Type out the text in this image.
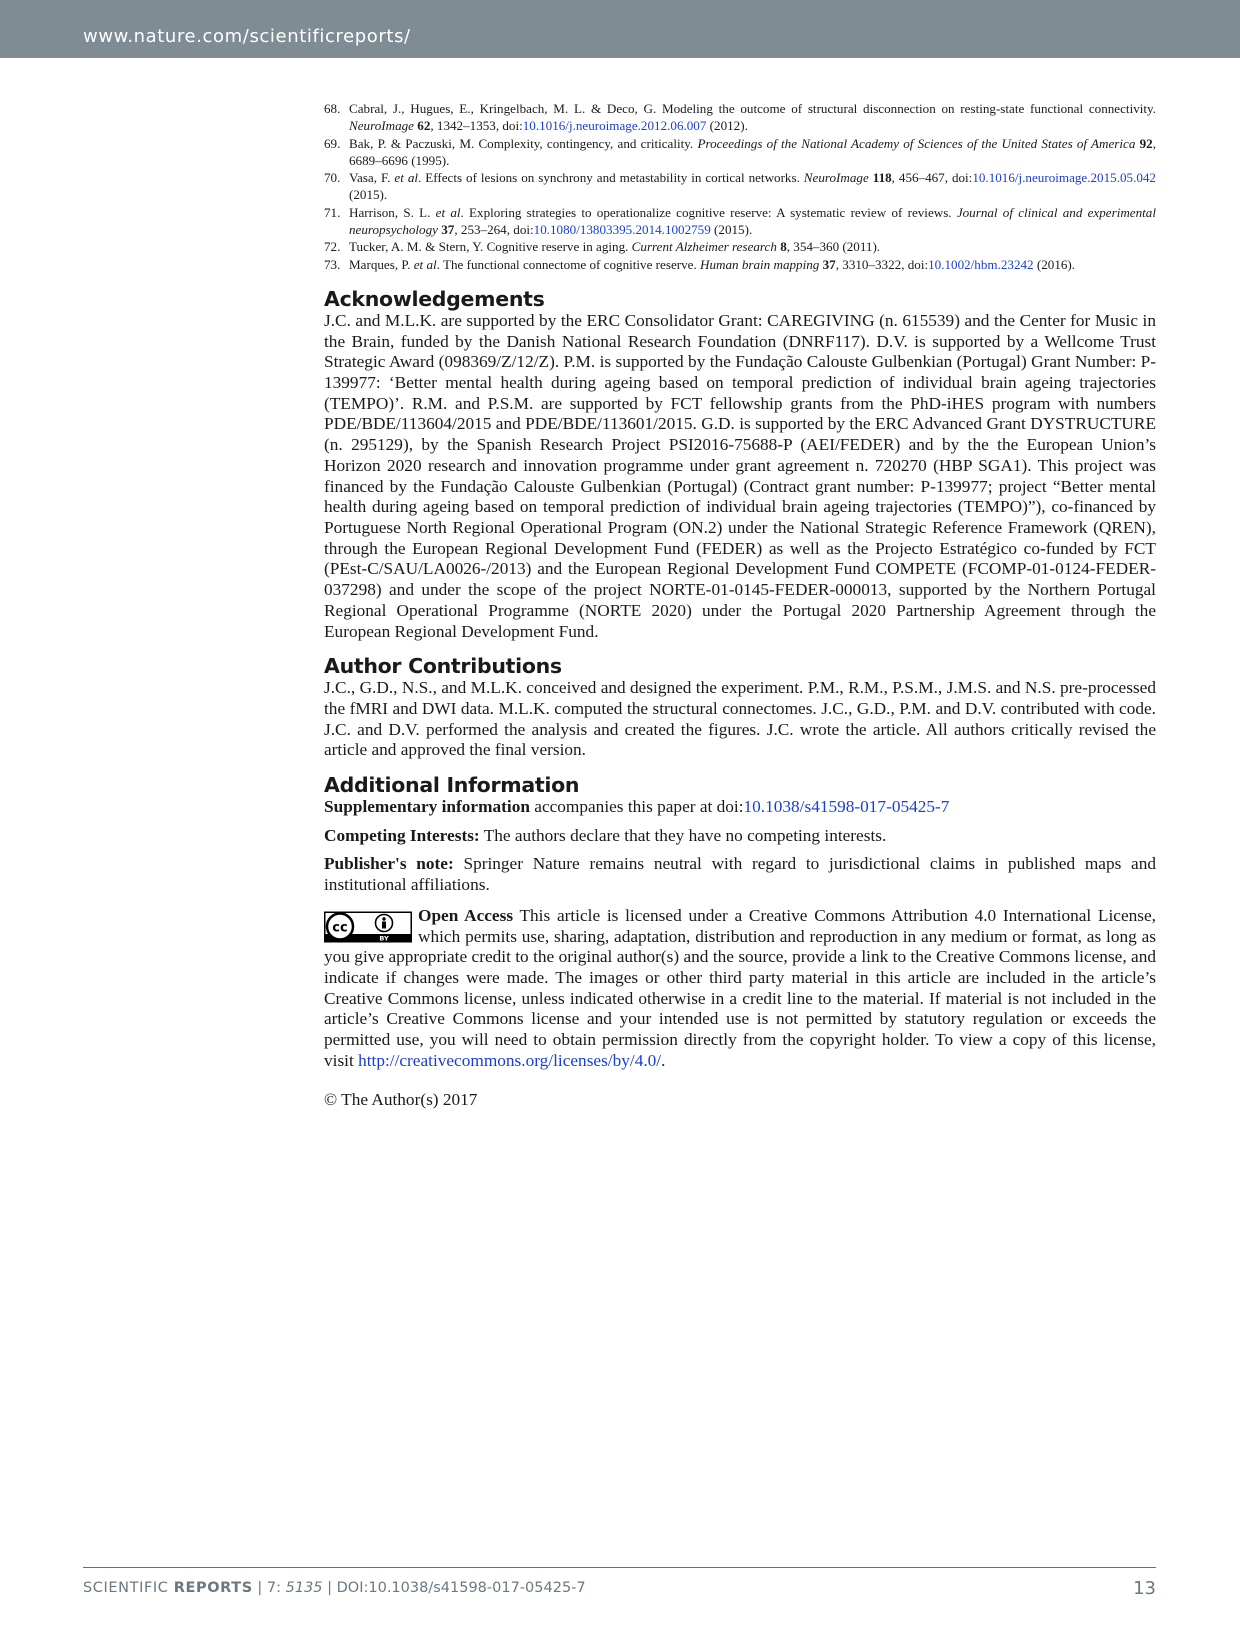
www.nature.com/scientificreports/
68. Cabral, J., Hugues, E., Kringelbach, M. L. & Deco, G. Modeling the outcome of structural disconnection on resting-state functional connectivity. NeuroImage 62, 1342–1353, doi:10.1016/j.neuroimage.2012.06.007 (2012).
69. Bak, P. & Paczuski, M. Complexity, contingency, and criticality. Proceedings of the National Academy of Sciences of the United States of America 92, 6689–6696 (1995).
70. Vasa, F. et al. Effects of lesions on synchrony and metastability in cortical networks. NeuroImage 118, 456–467, doi:10.1016/j.neuroimage.2015.05.042 (2015).
71. Harrison, S. L. et al. Exploring strategies to operationalize cognitive reserve: A systematic review of reviews. Journal of clinical and experimental neuropsychology 37, 253–264, doi:10.1080/13803395.2014.1002759 (2015).
72. Tucker, A. M. & Stern, Y. Cognitive reserve in aging. Current Alzheimer research 8, 354–360 (2011).
73. Marques, P. et al. The functional connectome of cognitive reserve. Human brain mapping 37, 3310–3322, doi:10.1002/hbm.23242 (2016).
Acknowledgements

J.C. and M.L.K. are supported by the ERC Consolidator Grant: CAREGIVING (n. 615539) and the Center for Music in the Brain, funded by the Danish National Research Foundation (DNRF117). D.V. is supported by a Wellcome Trust Strategic Award (098369/Z/12/Z). P.M. is supported by the Fundação Calouste Gulbenkian (Portugal) Grant Number: P-139977: ‘Better mental health during ageing based on temporal prediction of individual brain ageing trajectories (TEMPO)’. R.M. and P.S.M. are supported by FCT fellowship grants from the PhD-iHES program with numbers PDE/BDE/113604/2015 and PDE/BDE/113601/2015. G.D. is supported by the ERC Advanced Grant DYSTRUCTURE (n. 295129), by the Spanish Research Project PSI2016-75688-P (AEI/FEDER) and by the the European Union’s Horizon 2020 research and innovation programme under grant agreement n. 720270 (HBP SGA1). This project was financed by the Fundação Calouste Gulbenkian (Portugal) (Contract grant number: P-139977; project “Better mental health during ageing based on temporal prediction of individual brain ageing trajectories (TEMPO)”), co-financed by Portuguese North Regional Operational Program (ON.2) under the National Strategic Reference Framework (QREN), through the European Regional Development Fund (FEDER) as well as the Projecto Estratégico co-funded by FCT (PEst-C/SAU/LA0026-/2013) and the European Regional Development Fund COMPETE (FCOMP-01-0124-FEDER-037298) and under the scope of the project NORTE-01-0145-FEDER-000013, supported by the Northern Portugal Regional Operational Programme (NORTE 2020) under the Portugal 2020 Partnership Agreement through the European Regional Development Fund.

Author Contributions

J.C., G.D., N.S., and M.L.K. conceived and designed the experiment. P.M., R.M., P.S.M., J.M.S. and N.S. pre-processed the fMRI and DWI data. M.L.K. computed the structural connectomes. J.C., G.D., P.M. and D.V. contributed with code. J.C. and D.V. performed the analysis and created the figures. J.C. wrote the article. All authors critically revised the article and approved the final version.

Additional Information

Supplementary information accompanies this paper at doi:10.1038/s41598-017-05425-7

Competing Interests: The authors declare that they have no competing interests.

Publisher's note: Springer Nature remains neutral with regard to jurisdictional claims in published maps and institutional affiliations.

cc
BY

Open Access This article is licensed under a Creative Commons Attribution 4.0 International License, which permits use, sharing, adaptation, distribution and reproduction in any medium or format, as long as you give appropriate credit to the original author(s) and the source, provide a link to the Creative Commons license, and indicate if changes were made. The images or other third party material in this article are included in the article’s Creative Commons license, unless indicated otherwise in a credit line to the material. If material is not included in the article’s Creative Commons license and your intended use is not permitted by statutory regulation or exceeds the permitted use, you will need to obtain permission directly from the copyright holder. To view a copy of this license, visit http://creativecommons.org/licenses/by/4.0/.

© The Author(s) 2017

SCIENTIFIC REPORTS | 7: 5135 | DOI:10.1038/s41598-017-05425-7	13
